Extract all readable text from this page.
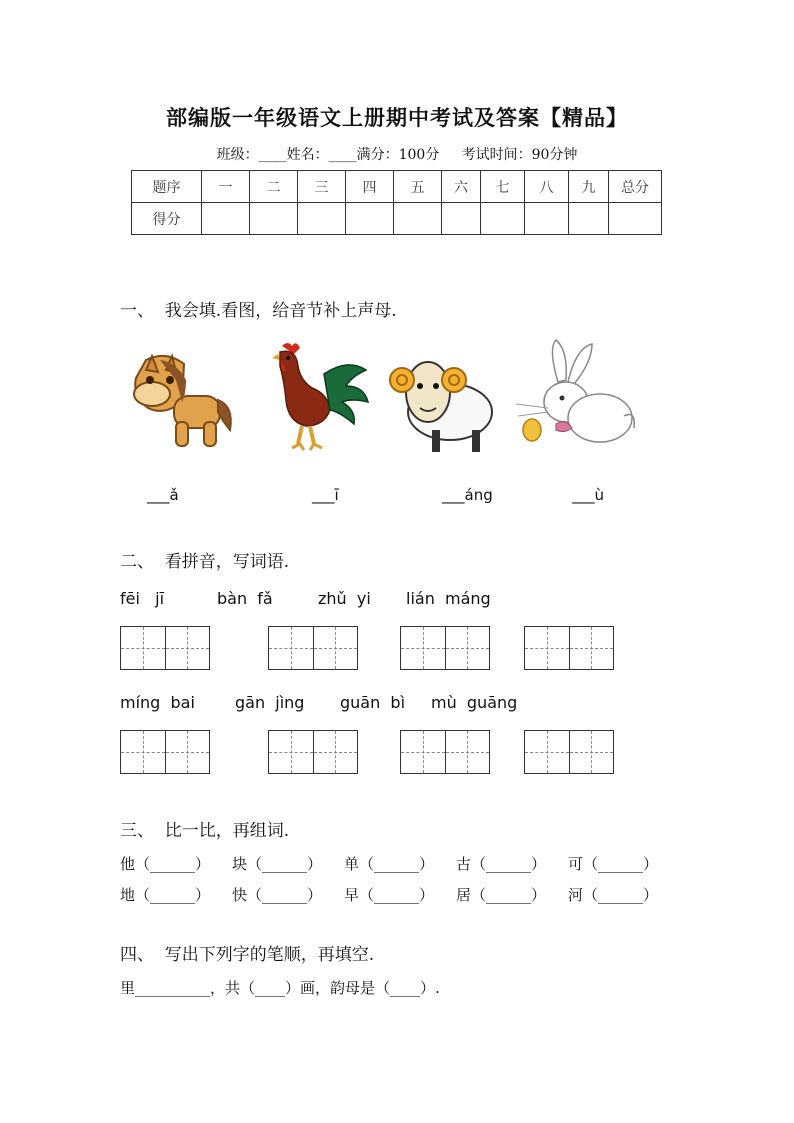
部编版一年级语文上册期中考试及答案【精品】
班级：____姓名：____满分：100分     考试时间：90分钟
题序	一	二	三	四	五	六	七	八	九	总分
得分										
一、  我会填.看图，给音节补上声母.
___ǎ	___ī	___áng	___ù
二、  看拼音，写词语.
fēi   jī	bàn  fǎ	zhǔ  yi lián  máng
míng  bai	gān  jìng guān  bì mù  guāng
三、  比一比，再组词.
他（______） 块（______） 单（______） 古（______） 可（______）
地（______） 快（______） 早（______） 居（______） 河（______）
四、  写出下列字的笔顺，再填空.
里__________，共（____）画，韵母是（____）.
